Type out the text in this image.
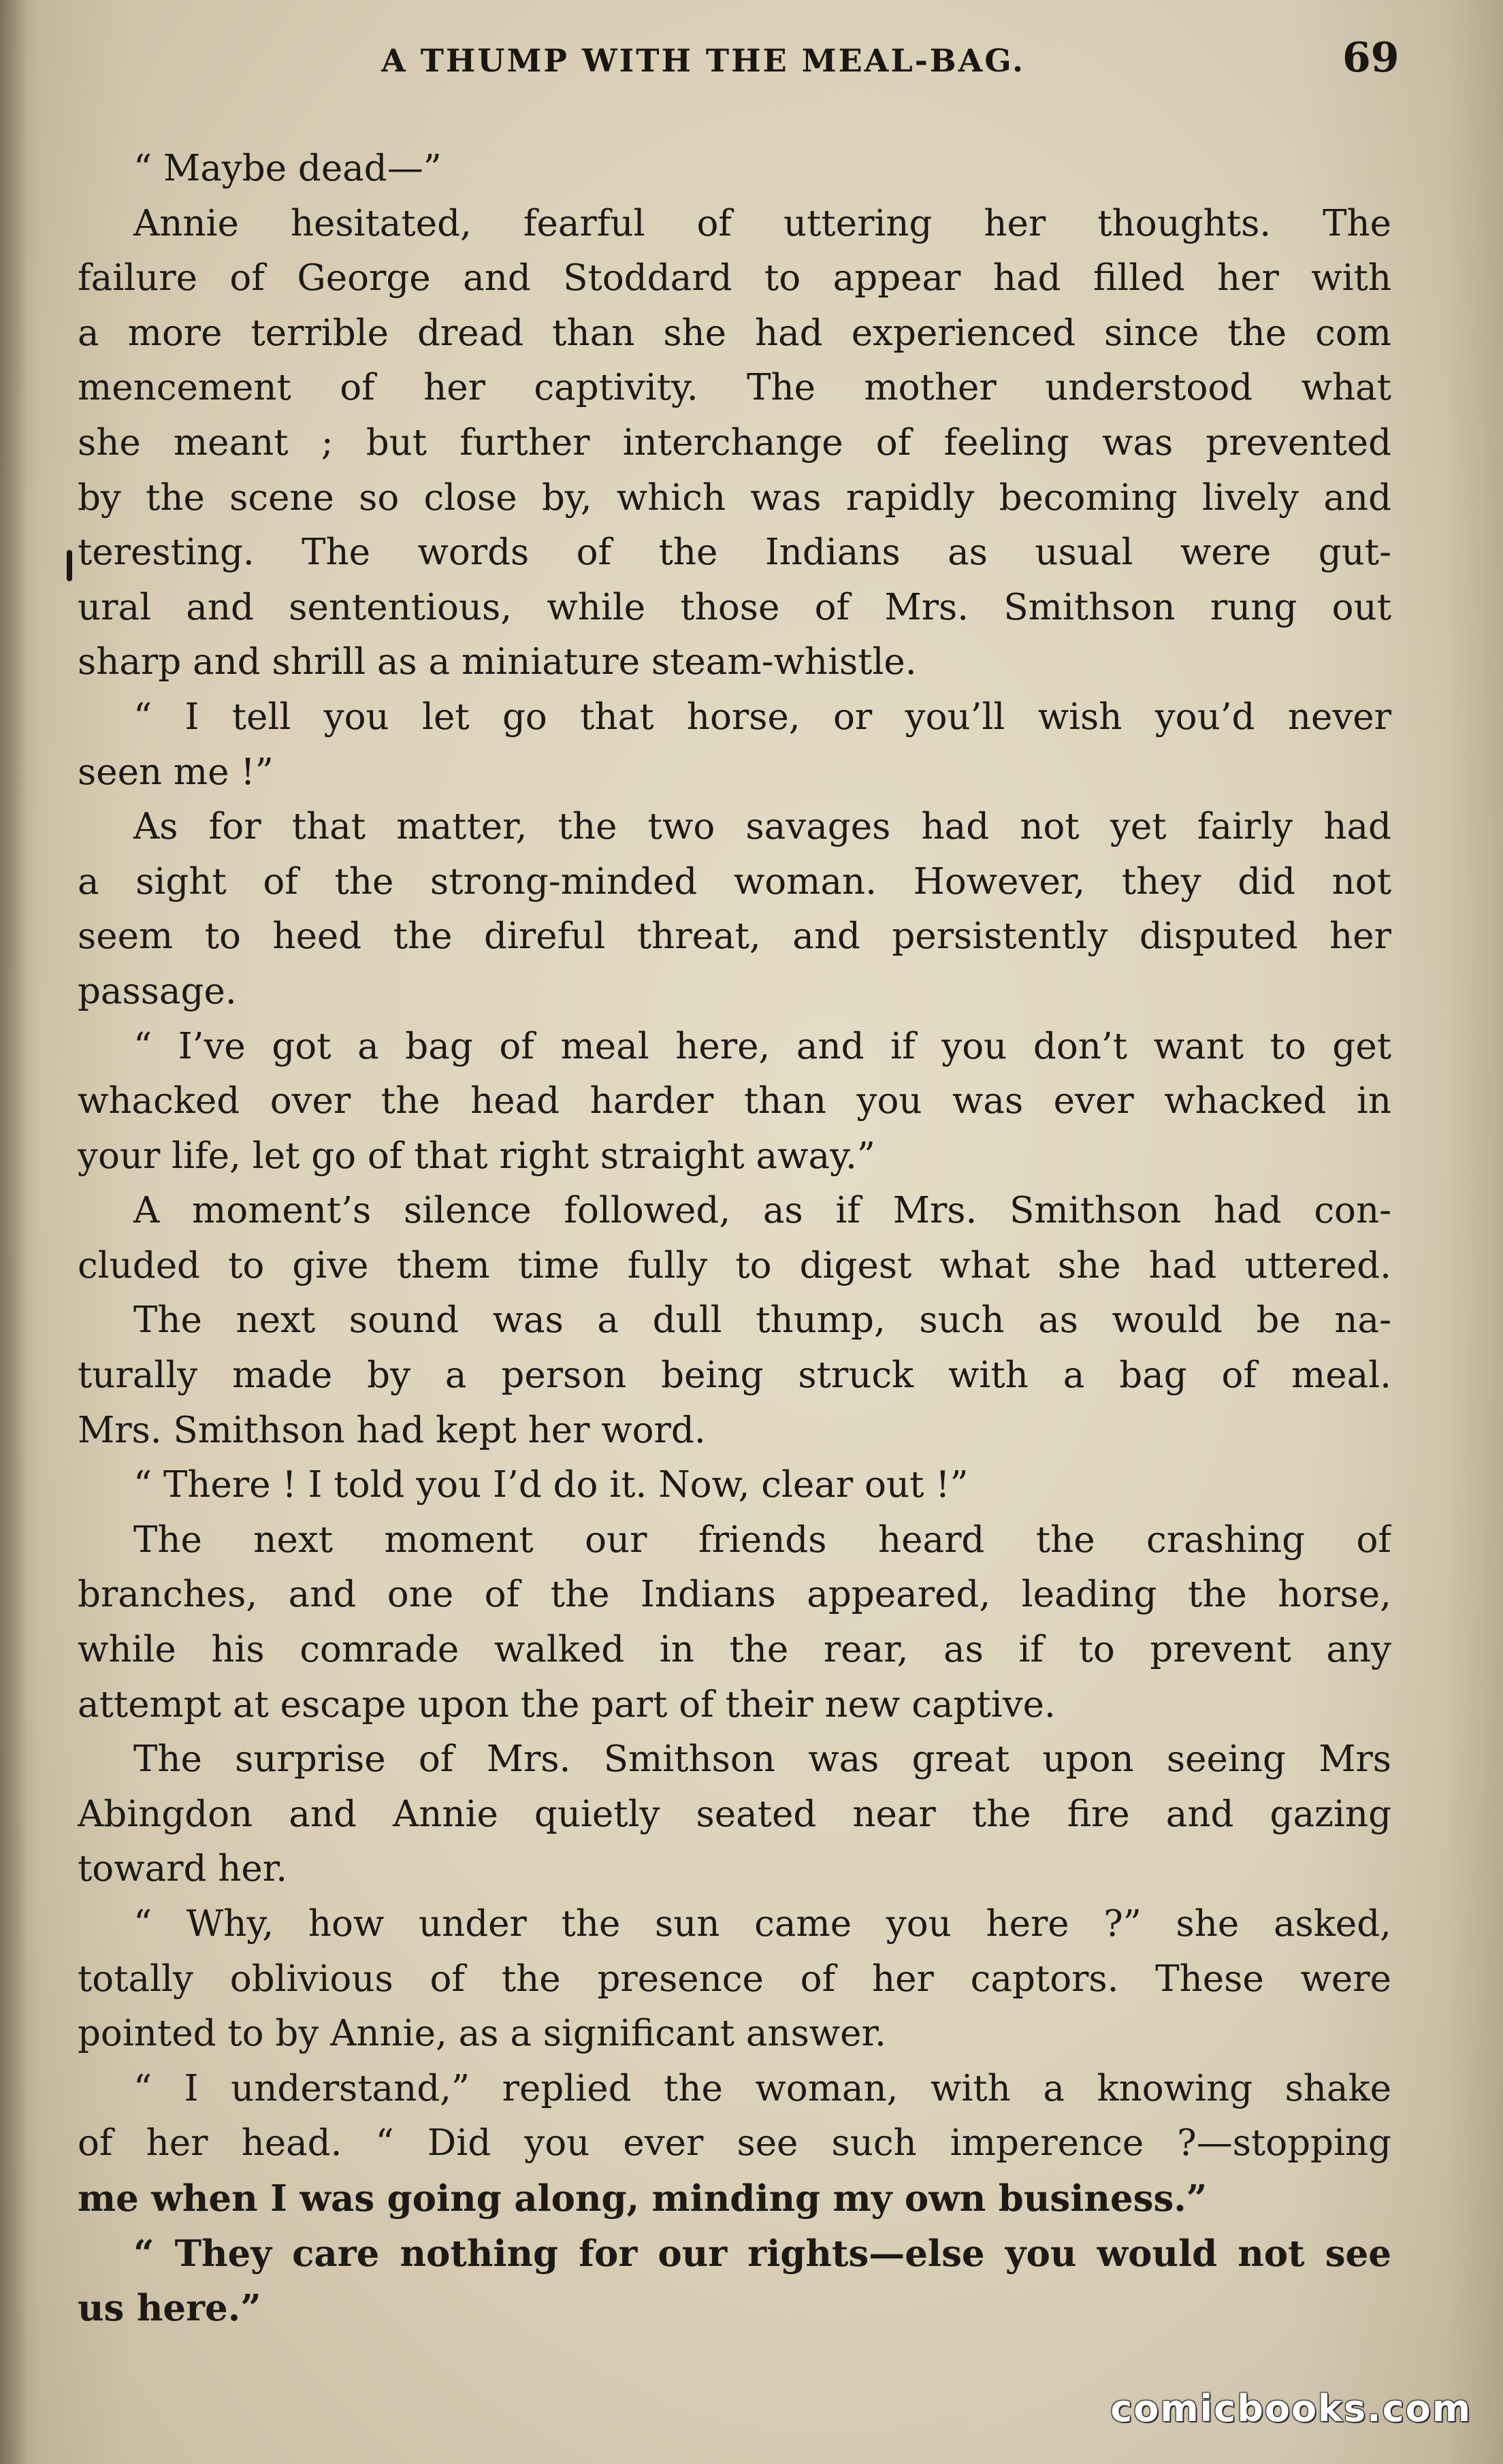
A THUMP WITH THE MEAL-BAG.	69
“ Maybe dead—”
Annie hesitated, fearful of uttering her thoughts. The
failure of George and Stoddard to appear had filled her with
a more terrible dread than she had experienced since the com
mencement of her captivity. The mother understood what
she meant ; but further interchange of feeling was prevented
by the scene so close by, which was rapidly becoming lively and
teresting. The words of the Indians as usual were gut-
ural and sententious, while those of Mrs. Smithson rung out
sharp and shrill as a miniature steam-whistle.
“ I tell you let go that horse, or you’ll wish you’d never
seen me !”
As for that matter, the two savages had not yet fairly had
a sight of the strong-minded woman. However, they did not
seem to heed the direful threat, and persistently disputed her
passage.
“ I’ve got a bag of meal here, and if you don’t want to get
whacked over the head harder than you was ever whacked in
your life, let go of that right straight away.”
A moment’s silence followed, as if Mrs. Smithson had con-
cluded to give them time fully to digest what she had uttered.
The next sound was a dull thump, such as would be na-
turally made by a person being struck with a bag of meal.
Mrs. Smithson had kept her word.
“ There ! I told you I’d do it. Now, clear out !”
The next moment our friends heard the crashing of
branches, and one of the Indians appeared, leading the horse,
while his comrade walked in the rear, as if to prevent any
attempt at escape upon the part of their new captive.
The surprise of Mrs. Smithson was great upon seeing Mrs
Abingdon and Annie quietly seated near the fire and gazing
toward her.
“ Why, how under the sun came you here ?” she asked,
totally oblivious of the presence of her captors. These were
pointed to by Annie, as a significant answer.
“ I understand,” replied the woman, with a knowing shake
of her head. “ Did you ever see such imperence ?—stopping
me when I was going along, minding my own business.”
“ They care nothing for our rights—else you would not see
us here.”
comicbooks.com
